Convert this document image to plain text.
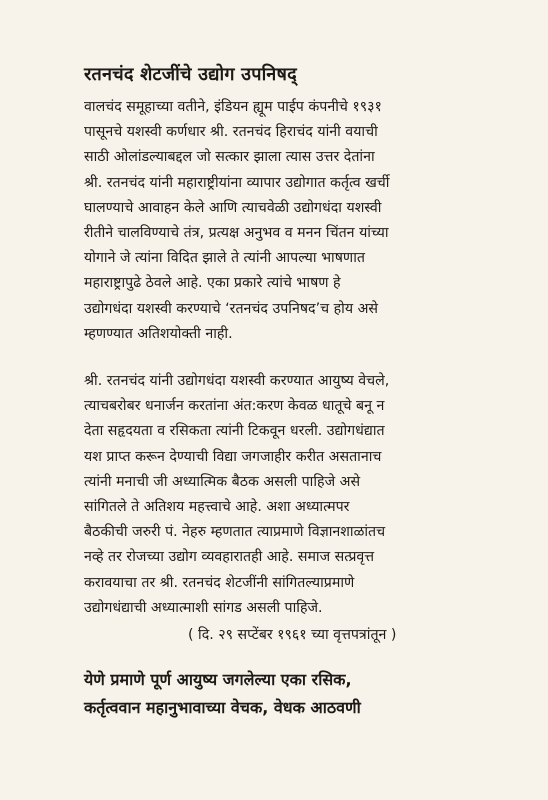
रतनचंद शेटजींचे उद्योग उपनिषद्
वालचंद समूहाच्या वतीने, इंडियन ह्यूम पाईप कंपनीचे १९३१
पासूनचे यशस्वी कर्णधार श्री. रतनचंद हिराचंद यांनी वयाची
साठी ओलांडल्याबद्दल जो सत्कार झाला त्यास उत्तर देतांना
श्री. रतनचंद यांनी महाराष्ट्रीयांना व्यापार उद्योगात कर्तृत्व खर्ची
घालण्याचे आवाहन केले आणि त्याचवेळी उद्योगधंदा यशस्वी
रीतीने चालविण्याचे तंत्र, प्रत्यक्ष अनुभव व मनन चिंतन यांच्या
योगाने जे त्यांना विदित झाले ते त्यांनी आपल्या भाषणात
महाराष्ट्रापुढे ठेवले आहे. एका प्रकारे त्यांचे भाषण हे
उद्योगधंदा यशस्वी करण्याचे ‘रतनचंद उपनिषद’च होय असे
म्हणण्यात अतिशयोक्ती नाही.
श्री. रतनचंद यांनी उद्योगधंदा यशस्वी करण्यात आयुष्य वेचले,
त्याचबरोबर धनार्जन करतांना अंत:करण केवळ धातूचे बनू न
देता सहृदयता व रसिकता त्यांनी टिकवून धरली. उद्योगधंद्यात
यश प्राप्त करून देण्याची विद्या जगजाहीर करीत असतानाच
त्यांनी मनाची जी अध्यात्मिक बैठक असली पाहिजे असे
सांगितले ते अतिशय महत्त्वाचे आहे. अशा अध्यात्मपर
बैठकीची जरुरी पं. नेहरु म्हणतात त्याप्रमाणे विज्ञानशाळांतच
नव्हे तर रोजच्या उद्योग व्यवहारातही आहे. समाज सत्प्रवृत्त
करावयाचा तर श्री. रतनचंद शेटजींनी सांगितल्याप्रमाणे
उद्योगधंद्याची अध्यात्माशी सांगड असली पाहिजे.
( दि. २९ सप्टेंबर १९६१ च्या वृत्तपत्रांतून )
येणे प्रमाणे पूर्ण आयुष्य जगलेल्या एका रसिक,
कर्तृत्ववान महानुभावाच्या वेचक, वेधक आठवणी
